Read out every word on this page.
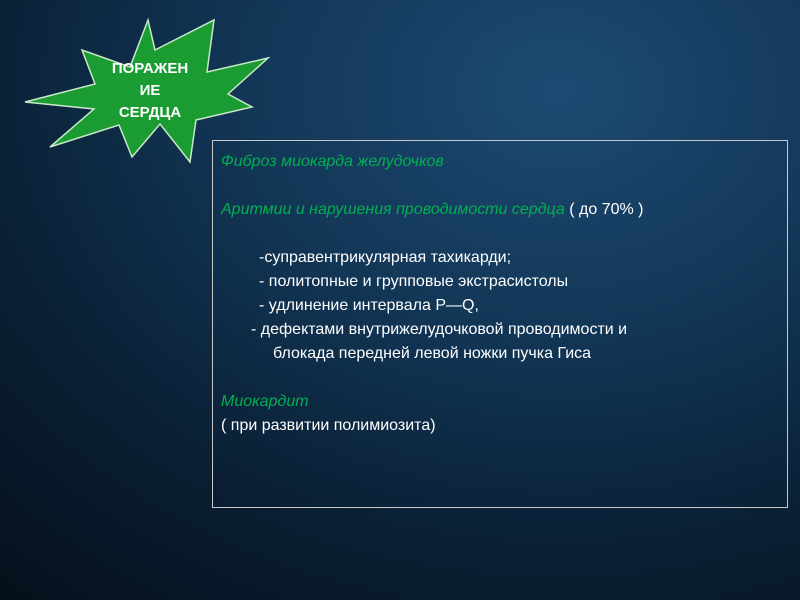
ПОРАЖЕН
ИЕ
СЕРДЦА
Фиброз миокарда желудочков
Аритмии и нарушения проводимости сердца ( до 70% )
-суправентрикулярная тахикарди;
- политопные и групповые экстрасистолы
- удлинение интервала P—Q,
- дефектами внутрижелудочковой проводимости и
блокада передней левой ножки пучка Гиса
Миокардит
( при развитии полимиозита)
